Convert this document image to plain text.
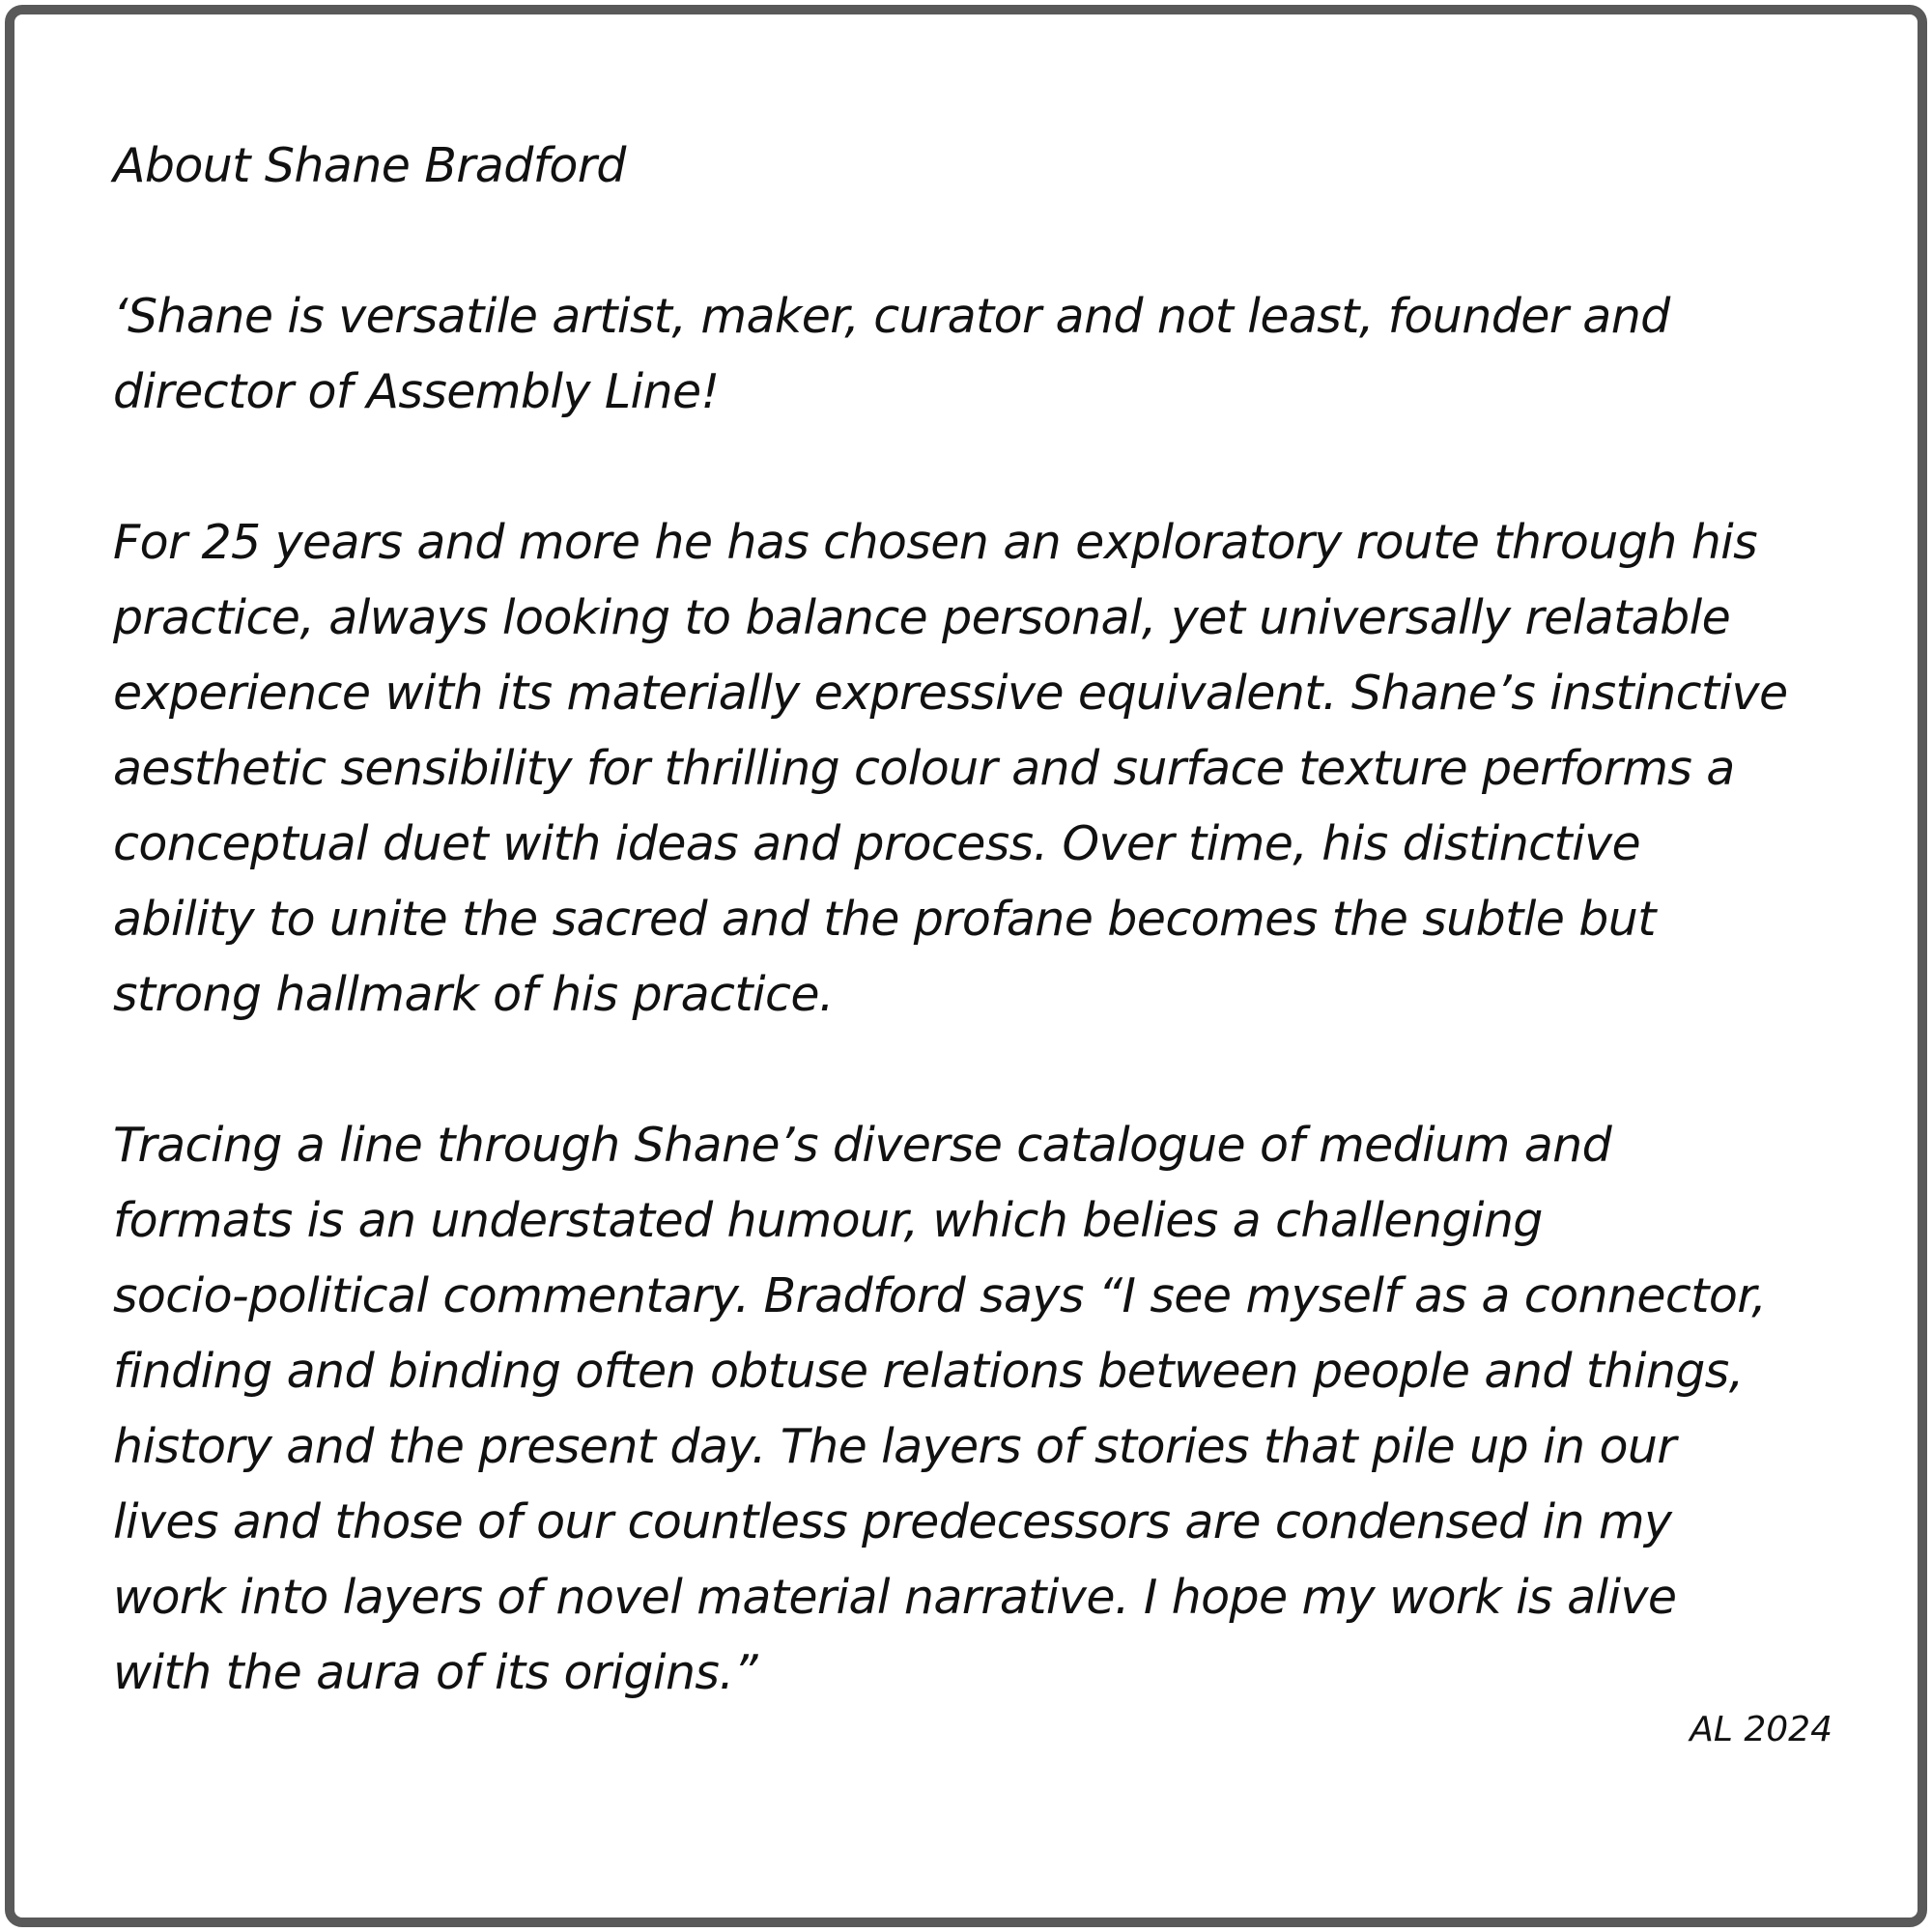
About Shane Bradford
‘Shane is versatile artist, maker, curator and not least, founder and
director of Assembly Line!
For 25 years and more he has chosen an exploratory route through his
practice, always looking to balance personal, yet universally relatable
experience with its materially expressive equivalent. Shane’s instinctive
aesthetic sensibility for thrilling colour and surface texture performs a
conceptual duet with ideas and process. Over time, his distinctive
ability to unite the sacred and the profane becomes the subtle but
strong hallmark of his practice.
Tracing a line through Shane’s diverse catalogue of medium and
formats is an understated humour, which belies a challenging
socio-political commentary. Bradford says “I see myself as a connector,
finding and binding often obtuse relations between people and things,
history and the present day. The layers of stories that pile up in our
lives and those of our countless predecessors are condensed in my
work into layers of novel material narrative. I hope my work is alive
with the aura of its origins.”
AL 2024
